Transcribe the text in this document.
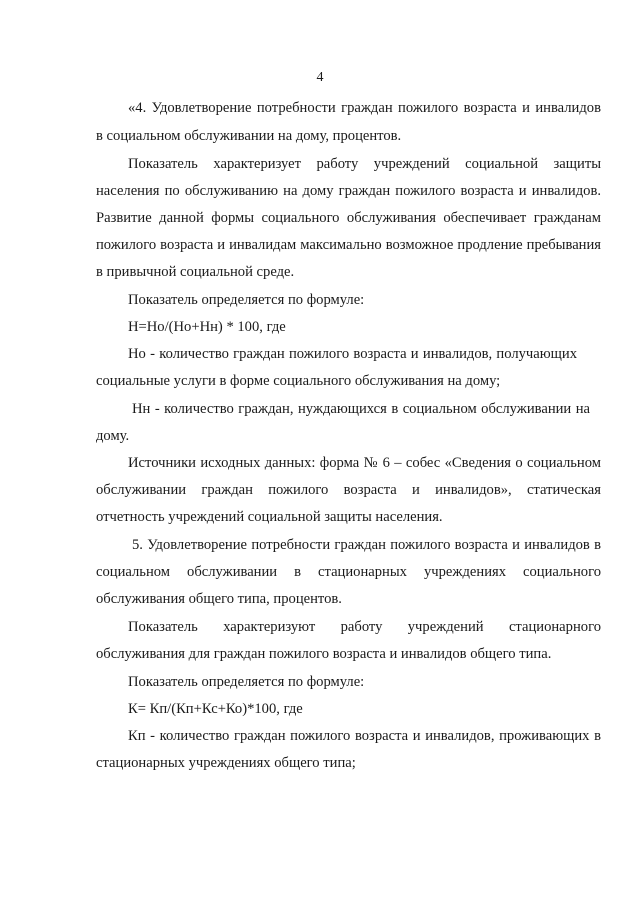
4
«4. Удовлетворение потребности граждан пожилого возраста и инвалидов
в социальном обслуживании на дому, процентов.
Показатель характеризует работу учреждений социальной защиты
населения по обслуживанию на дому граждан пожилого возраста и инвалидов.
Развитие данной формы социального обслуживания обеспечивает гражданам
пожилого возраста и инвалидам максимально возможное продление пребывания
в привычной социальной среде.
Показатель определяется по формуле:
Н=Но/(Но+Нн) * 100, где
Но - количество граждан пожилого возраста и инвалидов, получающих
социальные услуги в форме социального обслуживания на дому;
Нн - количество граждан, нуждающихся в социальном обслуживании на
дому.
Источники исходных данных: форма № 6 – собес «Сведения о социальном
обслуживании граждан пожилого возраста и инвалидов», статическая
отчетность учреждений социальной защиты населения.
5. Удовлетворение потребности граждан пожилого возраста и инвалидов в
социальном обслуживании в стационарных учреждениях социального
обслуживания общего типа, процентов.
Показатель характеризуют работу учреждений стационарного
обслуживания для граждан пожилого возраста и инвалидов общего типа.
Показатель определяется по формуле:
К= Кп/(Кп+Кс+Ко)*100, где
Кп - количество граждан пожилого возраста и инвалидов, проживающих в
стационарных учреждениях общего типа;
